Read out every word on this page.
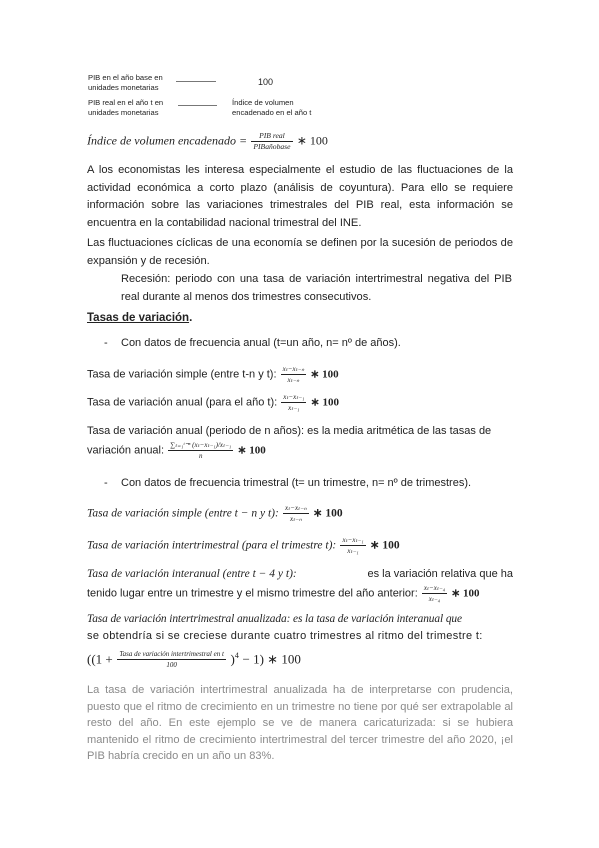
PIB en el año base en
unidades monetarias
100
PIB real en el año t en
unidades monetarias
Índice de volumen
encadenado en el año t
Índice de volumen encadenado = $\frac{\text{PIB real}}{\text{PIBañobase}}$ ∗ 100
A los economistas les interesa especialmente el estudio de las fluctuaciones de la actividad económica a corto plazo (análisis de coyuntura). Para ello se requiere información sobre las variaciones trimestrales del PIB real, esta información se encuentra en la contabilidad nacional trimestral del INE.
Las fluctuaciones cíclicas de una economía se definen por la sucesión de periodos de expansión y de recesión.
Recesión: periodo con una tasa de variación intertrimestral negativa del PIB real durante al menos dos trimestres consecutivos.
Tasas de variación.
- Con datos de frecuencia anual (t=un año, n= nº de años).
Tasa de variación simple (entre t-n y t): $\frac{\text{xₜ−xₜ₋ₙ}}{\text{xₜ₋ₙ}}$ ∗ 100
Tasa de variación anual (para el año t): $\frac{\text{xₜ−xₜ₋₁}}{\text{xₜ₋₁}}$ ∗ 100
Tasa de variación anual (periodo de n años): es la media aritmética de las tasas de
variación anual: $\frac{\text{∑ₜ₌₁ᵗ⁼ⁿ (xₜ−xₜ₋₁)/xₜ₋₁}}{n}$ ∗ 100
- Con datos de frecuencia trimestral (t= un trimestre, n= nº de trimestres).
Tasa de variación simple (entre t − n y t): $\frac{\text{xₜ−xₜ₋ₙ}}{\text{xₜ₋ₙ}}$ ∗ 100
Tasa de variación intertrimestral (para el trimestre t): $\frac{\text{xₜ−xₜ₋₁}}{\text{xₜ₋₁}}$ ∗ 100
Tasa de variación interanual (entre t − 4 y t):	es la variación relativa que ha
tenido lugar entre un trimestre y el mismo trimestre del año anterior: $\frac{\text{xₜ−xₜ₋₄}}{\text{xₜ₋₄}}$ ∗ 100
Tasa de variación intertrimestral anualizada: es la tasa de variación interanual que
se obtendría si se creciese durante cuatro trimestres al ritmo del trimestre t:
$((1 + \frac{\text{Tasa de variación intertrimestral en t}}{100} )^4 - 1)$ ∗ 100
La tasa de variación intertrimestral anualizada ha de interpretarse con prudencia, puesto que el ritmo de crecimiento en un trimestre no tiene por qué ser extrapolable al resto del año. En este ejemplo se ve de manera caricaturizada: si se hubiera mantenido el ritmo de crecimiento intertrimestral del tercer trimestre del año 2020, ¡el PIB habría crecido en un año un 83%.
